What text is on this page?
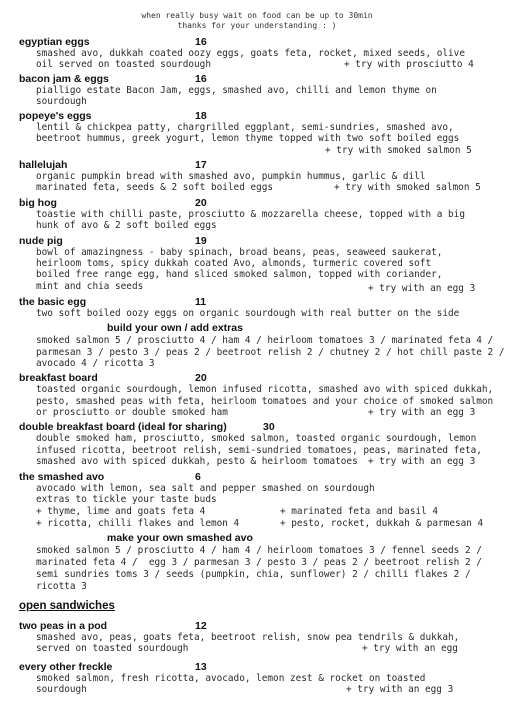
when really busy wait on food can be up to 30min
thanks for your understanding : )
egyptian eggs	16
smashed avo, dukkah coated oozy eggs, goats feta, rocket, mixed seeds, olive
oil served on toasted sourdough	+ try with prosciutto 4
bacon jam & eggs	16
pialligo estate Bacon Jam, eggs, smashed avo, chilli and lemon thyme on
sourdough
popeye's eggs	18
lentil & chickpea patty, chargrilled eggplant, semi-sundries, smashed avo,
beetroot hummus, greek yogurt, lemon thyme topped with two soft boiled eggs
+ try with smoked salmon 5
hallelujah	17
organic pumpkin bread with smashed avo, pumpkin hummus, garlic & dill
marinated feta, seeds & 2 soft boiled eggs	+ try with smoked salmon 5
big hog	20
toastie with chilli paste, prosciutto & mozzarella cheese, topped with a big
hunk of avo & 2 soft boiled eggs
nude pig	19
bowl of amazingness - baby spinach, broad beans, peas, seaweed saukerat,
heirloom toms, spicy dukkah coated Avo, almonds, turmeric covered soft
boiled free range egg, hand sliced smoked salmon, topped with coriander,
mint and chia seeds	+ try with an egg 3
the basic egg	11
two soft boiled oozy eggs on organic sourdough with real butter on the side
build your own / add extras
smoked salmon 5 / prosciutto 4 / ham 4 / heirloom tomatoes 3 / marinated feta 4 /
parmesan 3 / pesto 3 / peas 2 / beetroot relish 2 / chutney 2 / hot chill paste 2 /
avocado 4 / ricotta 3
breakfast board	20
toasted organic sourdough, lemon infused ricotta, smashed avo with spiced dukkah,
pesto, smashed peas with feta, heirloom tomatoes and your choice of smoked salmon
or prosciutto or double smoked ham	+ try with an egg 3
double breakfast board (ideal for sharing)	30
double smoked ham, prosciutto, smoked salmon, toasted organic sourdough, lemon
infused ricotta, beetroot relish, semi-sundried tomatoes, peas, marinated feta,
smashed avo with spiced dukkah, pesto & heirloom tomatoes + try with an egg 3
the smashed avo	6
avocado with lemon, sea salt and pepper smashed on sourdough
extras to tickle your taste buds
+ thyme, lime and goats feta 4	+ marinated feta and basil 4
+ ricotta, chilli flakes and lemon 4	+ pesto, rocket, dukkah & parmesan 4
make your own smashed avo
smoked salmon 5 / prosciutto 4 / ham 4 / heirloom tomatoes 3 / fennel seeds 2 /
marinated feta 4 /  egg 3 / parmesan 3 / pesto 3 / peas 2 / beetroot relish 2 /
semi sundries toms 3 / seeds (pumpkin, chia, sunflower) 2 / chilli flakes 2 /
ricotta 3
open sandwiches
two peas in a pod	12
smashed avo, peas, goats feta, beetroot relish, snow pea tendrils & dukkah,
served on toasted sourdough	+ try with an egg
every other freckle	13
smoked salmon, fresh ricotta, avocado, lemon zest & rocket on toasted
sourdough	+ try with an egg 3
